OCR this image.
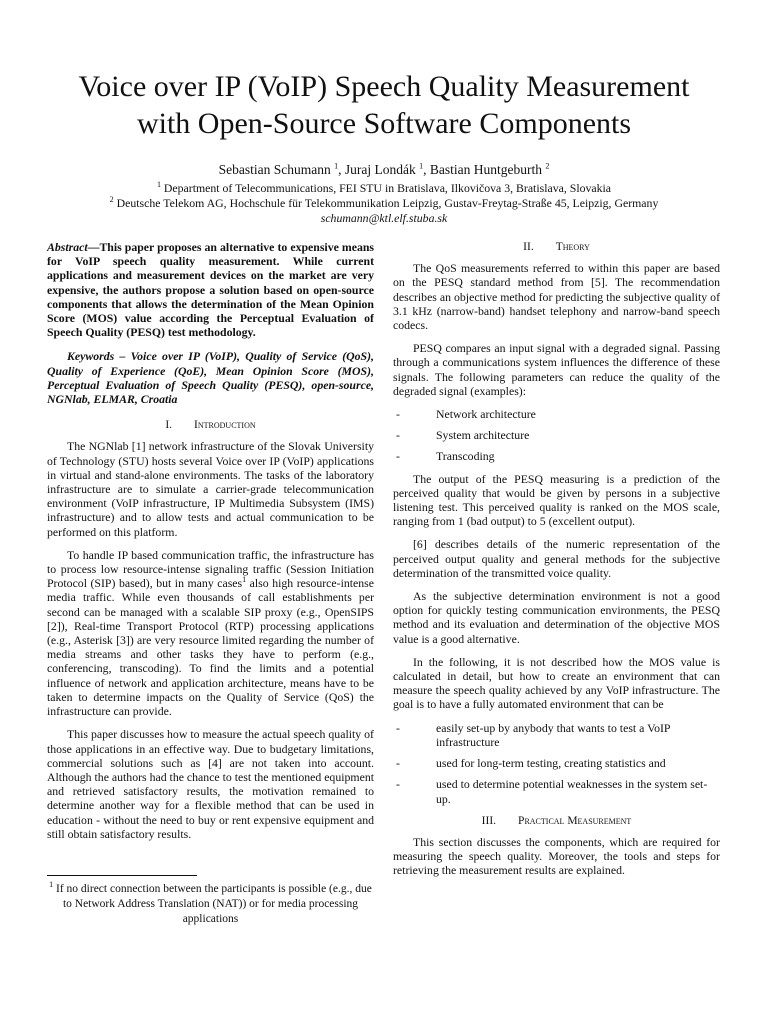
Voice over IP (VoIP) Speech Quality Measurement
with Open-Source Software Components
Sebastian Schumann $^1$, Juraj Londák $^1$, Bastian Huntgeburth $^2$
$^1$ Department of Telecommunications, FEI STU in Bratislava, Ilkovičova 3, Bratislava, Slovakia
$^2$ Deutsche Telekom AG, Hochschule für Telekommunikation Leipzig, Gustav-Freytag-Straße 45, Leipzig, Germany
schumann@ktl.elf.stuba.sk

Abstract—This paper proposes an alternative to expensive means for VoIP speech quality measurement. While current applications and measurement devices on the market are very expensive, the authors propose a solution based on open-source components that allows the determination of the Mean Opinion Score (MOS) value according the Perceptual Evaluation of Speech Quality (PESQ) test methodology.

Keywords – Voice over IP (VoIP), Quality of Service (QoS), Quality of Experience (QoE), Mean Opinion Score (MOS), Perceptual Evaluation of Speech Quality (PESQ), open-source, NGNlab, ELMAR, Croatia

I. Introduction

The NGNlab [1] network infrastructure of the Slovak University of Technology (STU) hosts several Voice over IP (VoIP) applications in virtual and stand-alone environments. The tasks of the laboratory infrastructure are to simulate a carrier-grade telecommunication environment (VoIP infrastructure, IP Multimedia Subsystem (IMS) infrastructure) and to allow tests and actual communication to be performed on this platform.

To handle IP based communication traffic, the infrastructure has to process low resource-intense signaling traffic (Session Initiation Protocol (SIP) based), but in many cases$^1$ also high resource-intense media traffic. While even thousands of call establishments per second can be managed with a scalable SIP proxy (e.g., OpenSIPS [2]), Real-time Transport Protocol (RTP) processing applications (e.g., Asterisk [3]) are very resource limited regarding the number of media streams and other tasks they have to perform (e.g., conferencing, transcoding). To find the limits and a potential influence of network and application architecture, means have to be taken to determine impacts on the Quality of Service (QoS) the infrastructure can provide.

This paper discusses how to measure the actual speech quality of those applications in an effective way. Due to budgetary limitations, commercial solutions such as [4] are not taken into account. Although the authors had the chance to test the mentioned equipment and retrieved satisfactory results, the motivation remained to determine another way for a flexible method that can be used in education - without the need to buy or rent expensive equipment and still obtain satisfactory results.

$^1$ If no direct connection between the participants is possible (e.g., due to Network Address Translation (NAT)) or for media processing applications
II. Theory

The QoS measurements referred to within this paper are based on the PESQ standard method from [5]. The recommendation describes an objective method for predicting the subjective quality of 3.1 kHz (narrow-band) handset telephony and narrow-band speech codecs.

PESQ compares an input signal with a degraded signal. Passing through a communications system influences the difference of these signals. The following parameters can reduce the quality of the degraded signal (examples):

- Network architecture
- System architecture
- Transcoding

The output of the PESQ measuring is a prediction of the perceived quality that would be given by persons in a subjective listening test. This perceived quality is ranked on the MOS scale, ranging from 1 (bad output) to 5 (excellent output).

[6] describes details of the numeric representation of the perceived output quality and general methods for the subjective determination of the transmitted voice quality.

As the subjective determination environment is not a good option for quickly testing communication environments, the PESQ method and its evaluation and determination of the objective MOS value is a good alternative.

In the following, it is not described how the MOS value is calculated in detail, but how to create an environment that can measure the speech quality achieved by any VoIP infrastructure. The goal is to have a fully automated environment that can be

- easily set-up by anybody that wants to test a VoIP infrastructure
- used for long-term testing, creating statistics and
- used to determine potential weaknesses in the system set-up.
III. Practical Measurement

This section discusses the components, which are required for measuring the speech quality. Moreover, the tools and steps for retrieving the measurement results are explained.
